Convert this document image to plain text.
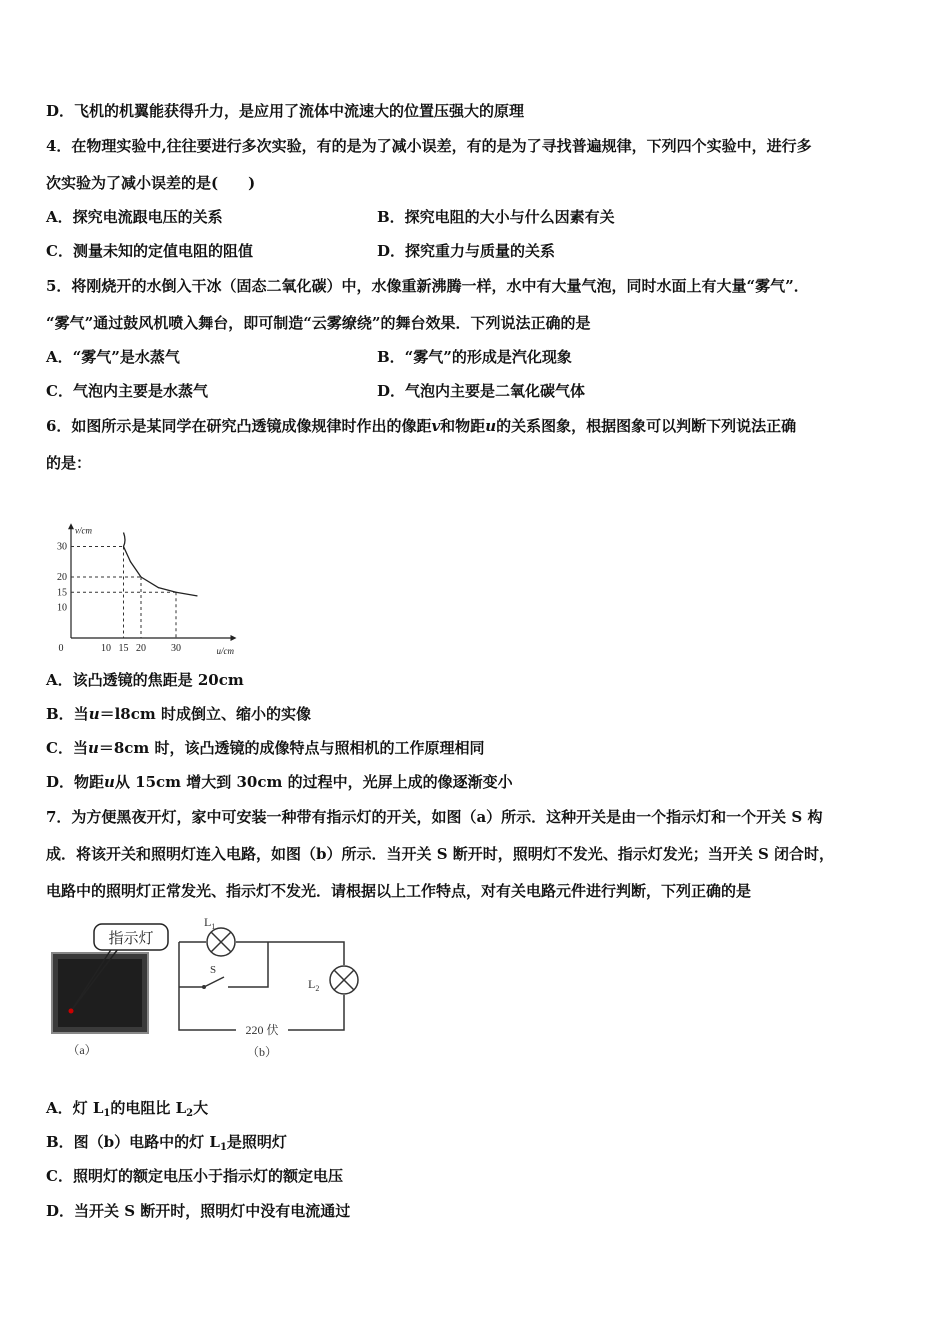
D．飞机的机翼能获得升力，是应用了流体中流速大的位置压强大的原理
4．在物理实验中,往往要进行多次实验，有的是为了减小误差，有的是为了寻找普遍规律，下列四个实验中，进行多
次实验为了减小误差的是(　　)
A．探究电流跟电压的关系	B．探究电阻的大小与什么因素有关
C．测量未知的定值电阻的阻值	D．探究重力与质量的关系
5．将刚烧开的水倒入干冰（固态二氧化碳）中，水像重新沸腾一样，水中有大量气泡，同时水面上有大量“雾气”．
“雾气”通过鼓风机喷入舞台，即可制造“云雾缭绕”的舞台效果．下列说法正确的是
A．“雾气”是水蒸气	B．“雾气”的形成是汽化现象
C．气泡内主要是水蒸气	D．气泡内主要是二氧化碳气体
6．如图所示是某同学在研究凸透镜成像规律时作出的像距v和物距u的关系图象，根据图象可以判断下列说法正确
的是：
10 15 20	30
10
15
20
30
0	u/cm
v/cm
A．该凸透镜的焦距是 20cm
B．当u＝l8cm 时成倒立、缩小的实像
C．当u＝8cm 时，该凸透镜的成像特点与照相机的工作原理相同
D．物距u从 15cm 增大到 30cm 的过程中，光屏上成的像逐渐变小
7．为方便黑夜开灯，家中可安装一种带有指示灯的开关，如图（a）所示．这种开关是由一个指示灯和一个开关 S 构
成．将该开关和照明灯连入电路，如图（b）所示．当开关 S 断开时，照明灯不发光、指示灯发光；当开关 S 闭合时，
电路中的照明灯正常发光、指示灯不发光．请根据以上工作特点，对有关电路元件进行判断，下列正确的是
指示灯
（a）
$L_1$
$L_2$
S
220 伏
（b）
A．灯 $L_1$的电阻比 $L_2$大
B．图（b）电路中的灯 $L_1$是照明灯
C．照明灯的额定电压小于指示灯的额定电压
D．当开关 S 断开时，照明灯中没有电流通过
